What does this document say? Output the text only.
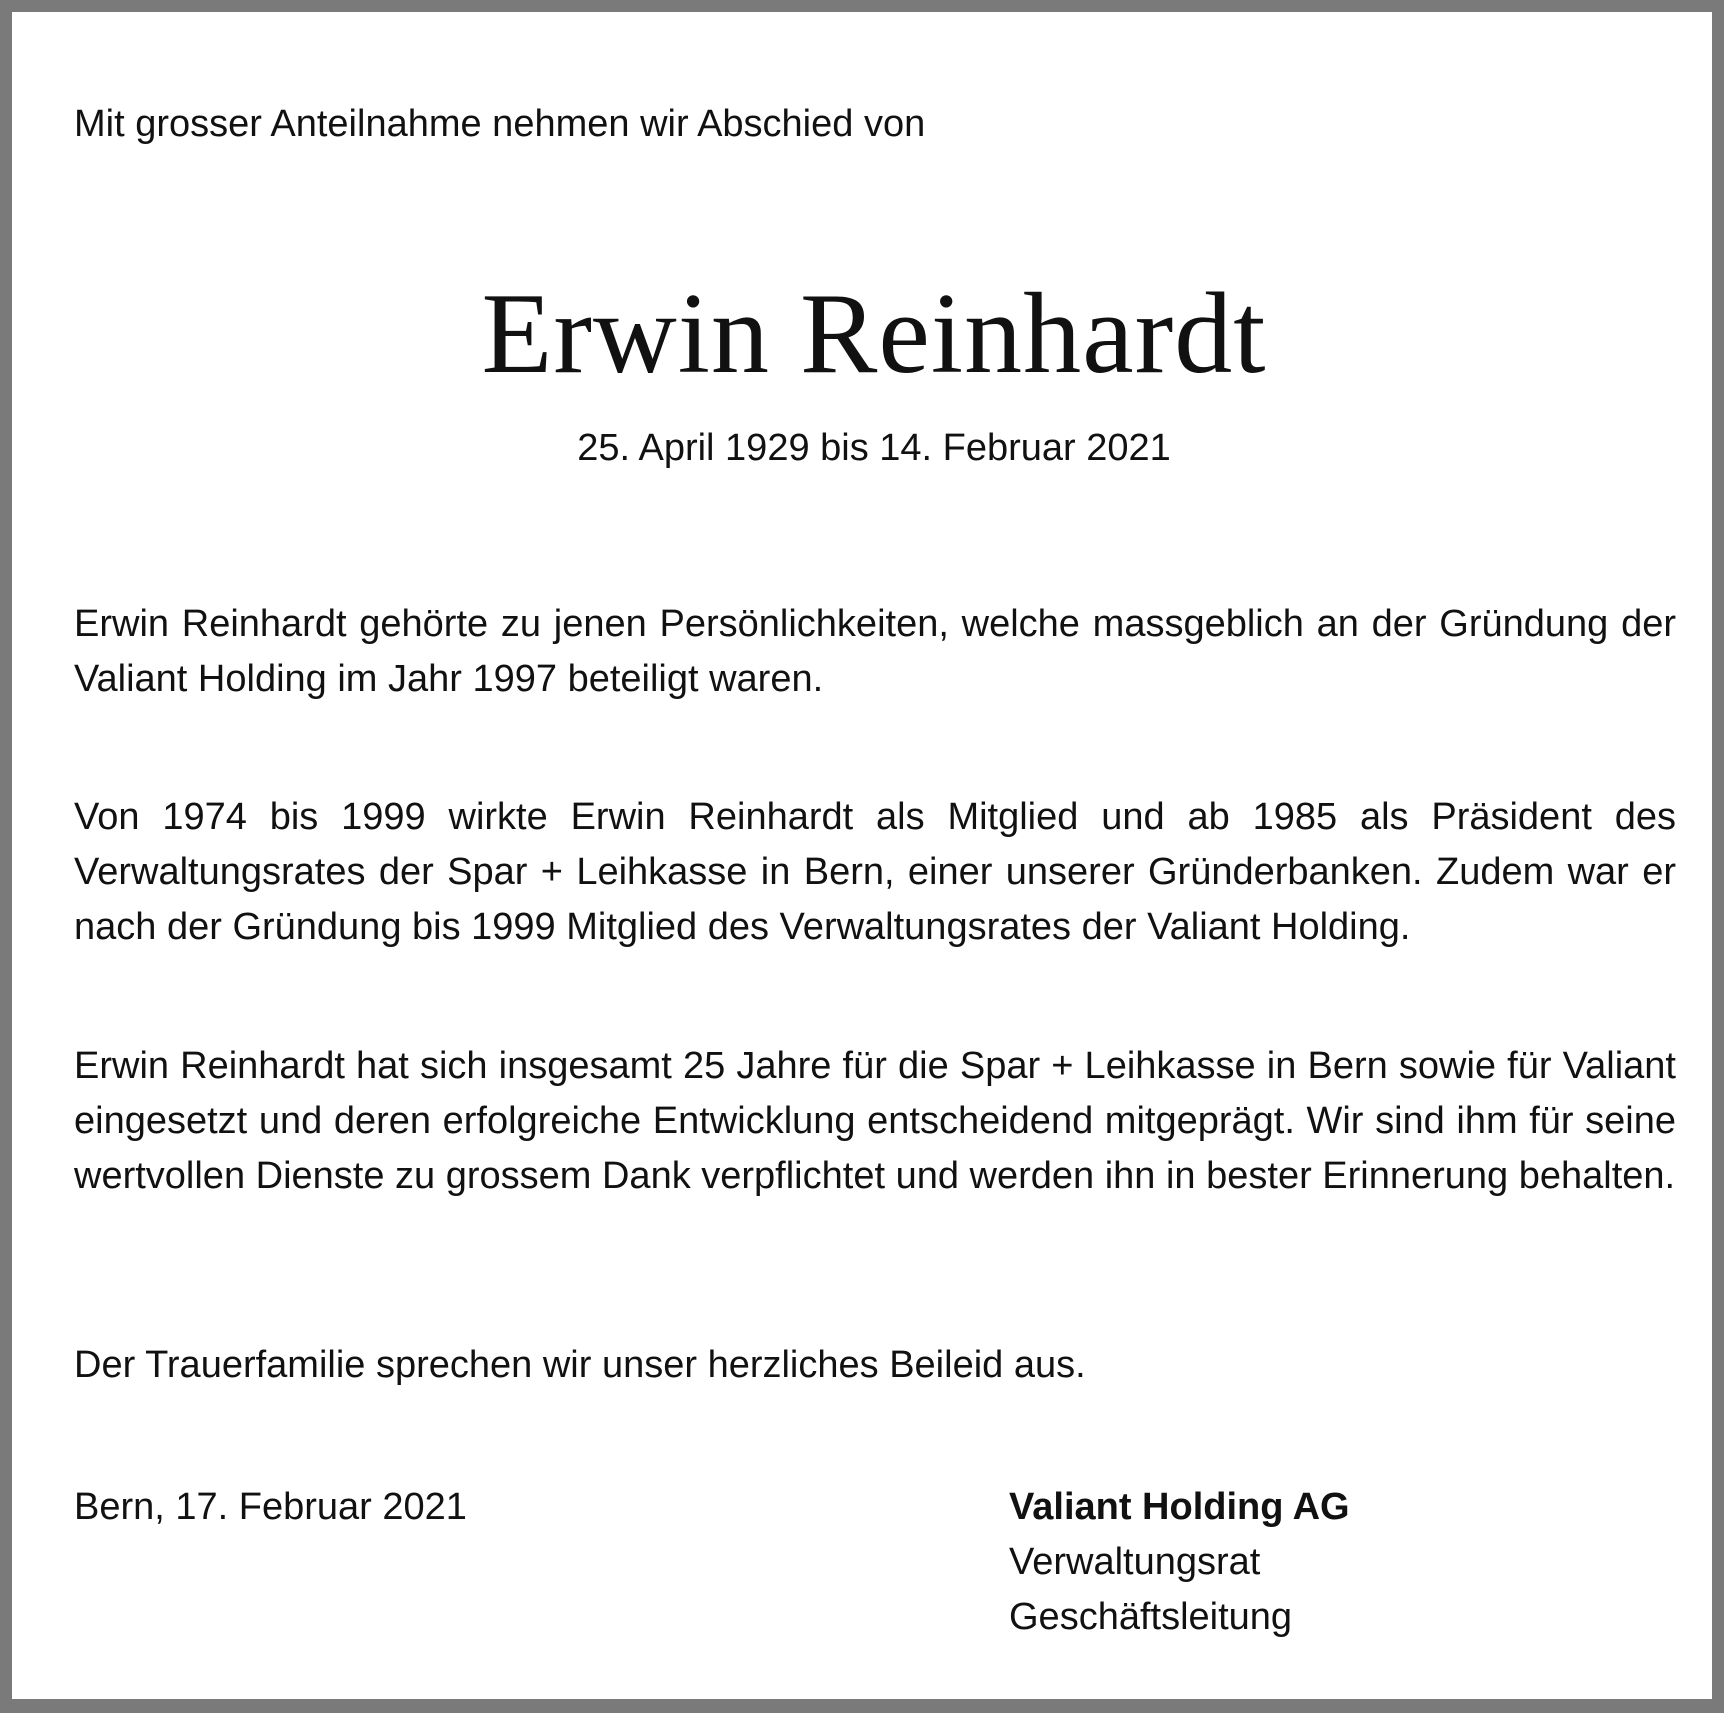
Mit grosser Anteilnahme nehmen wir Abschied von
Erwin Reinhardt
25. April 1929 bis 14. Februar 2021

Erwin Reinhardt gehörte zu jenen Persönlichkeiten, welche massgeblich an der Gründung der Valiant Holding im Jahr 1997 beteiligt waren.

Von 1974 bis 1999 wirkte Erwin Reinhardt als Mitglied und ab 1985 als Präsident des Verwaltungsrates der Spar + Leihkasse in Bern, einer unserer Gründerbanken. Zudem war er nach der Gründung bis 1999 Mitglied des Verwaltungsrates der Valiant Holding.

Erwin Reinhardt hat sich insgesamt 25 Jahre für die Spar + Leihkasse in Bern sowie für Valiant eingesetzt und deren erfolgreiche Entwicklung entscheidend mitgeprägt. Wir sind ihm für seine wertvollen Dienste zu grossem Dank verpflichtet und werden ihn in bester Erinnerung behalten.

Der Trauerfamilie sprechen wir unser herzliches Beileid aus.

Bern, 17. Februar 2021	Valiant Holding AG
Verwaltungsrat
Geschäftsleitung
